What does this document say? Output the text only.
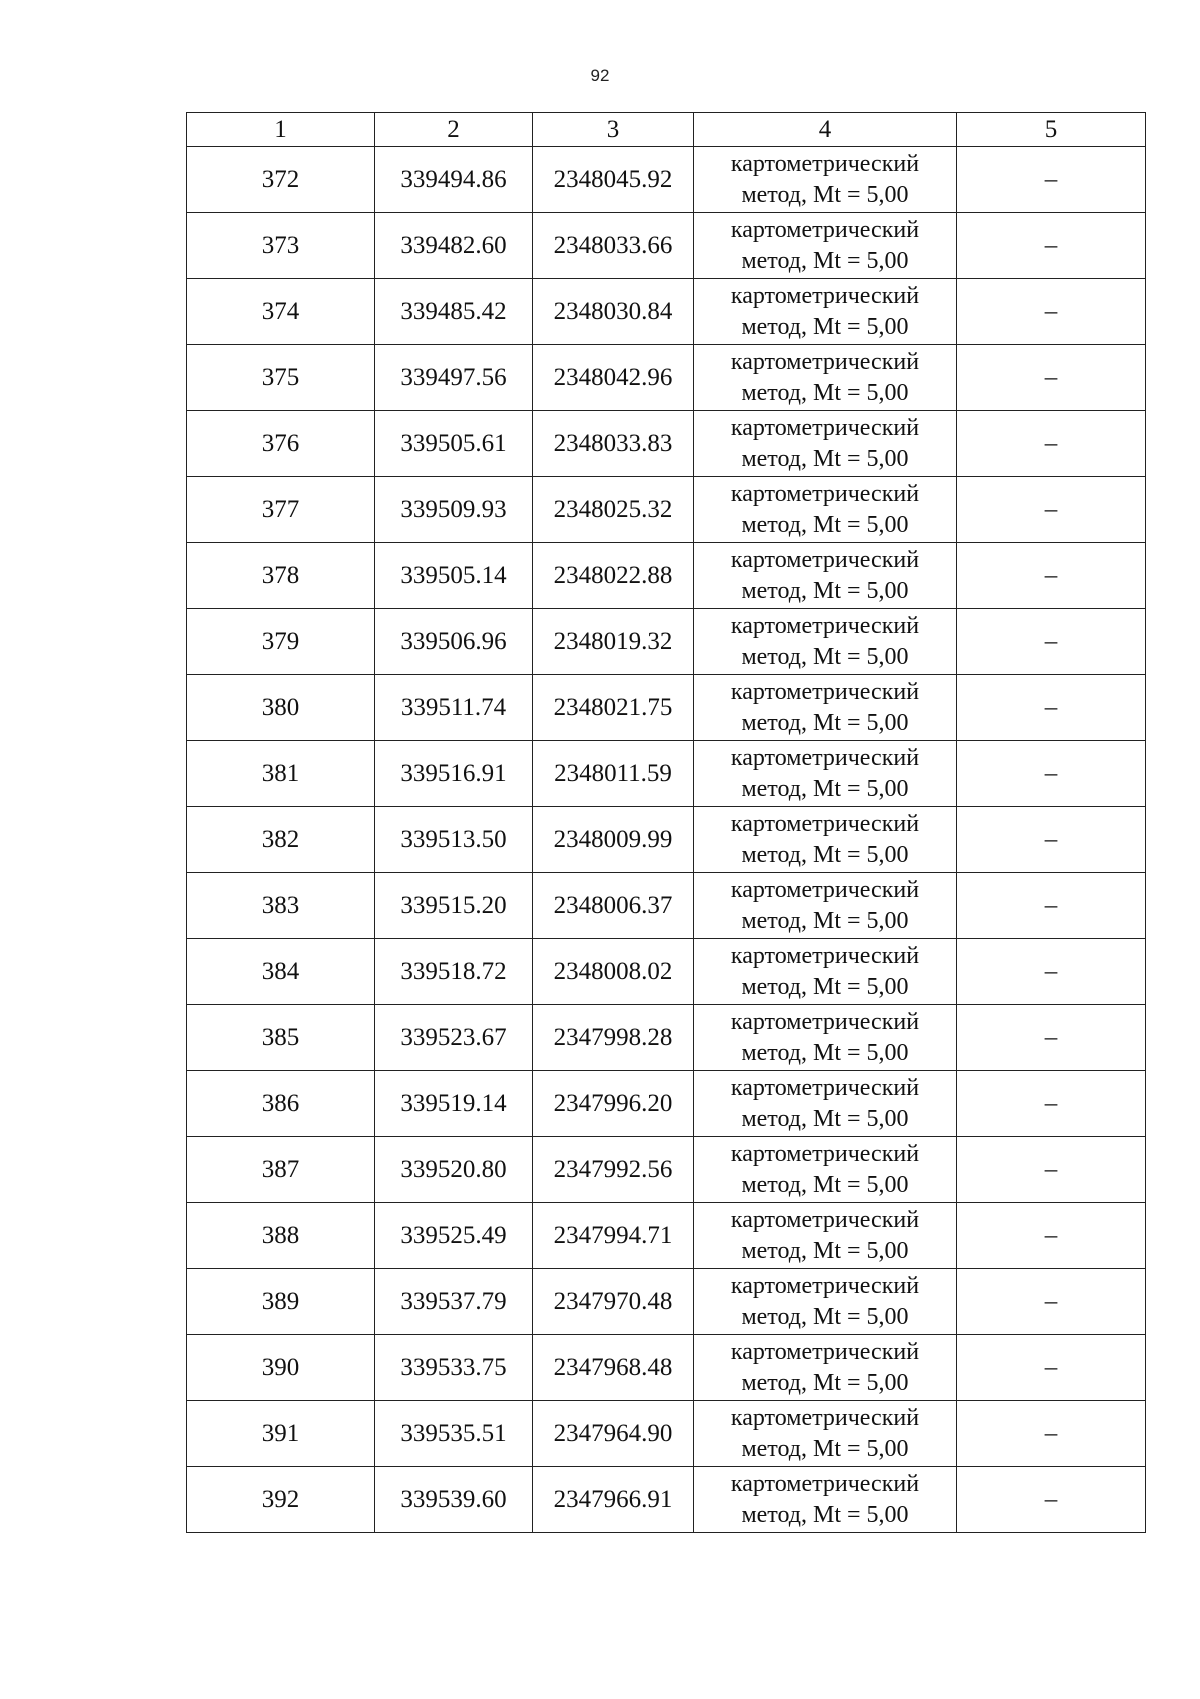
92
1	2	3	4	5
372	339494.86	2348045.92	картометрический
метод, Mt = 5,00	–
373	339482.60	2348033.66	картометрический
метод, Mt = 5,00	–
374	339485.42	2348030.84	картометрический
метод, Mt = 5,00	–
375	339497.56	2348042.96	картометрический
метод, Mt = 5,00	–
376	339505.61	2348033.83	картометрический
метод, Mt = 5,00	–
377	339509.93	2348025.32	картометрический
метод, Mt = 5,00	–
378	339505.14	2348022.88	картометрический
метод, Mt = 5,00	–
379	339506.96	2348019.32	картометрический
метод, Mt = 5,00	–
380	339511.74	2348021.75	картометрический
метод, Mt = 5,00	–
381	339516.91	2348011.59	картометрический
метод, Mt = 5,00	–
382	339513.50	2348009.99	картометрический
метод, Mt = 5,00	–
383	339515.20	2348006.37	картометрический
метод, Mt = 5,00	–
384	339518.72	2348008.02	картометрический
метод, Mt = 5,00	–
385	339523.67	2347998.28	картометрический
метод, Mt = 5,00	–
386	339519.14	2347996.20	картометрический
метод, Mt = 5,00	–
387	339520.80	2347992.56	картометрический
метод, Mt = 5,00	–
388	339525.49	2347994.71	картометрический
метод, Mt = 5,00	–
389	339537.79	2347970.48	картометрический
метод, Mt = 5,00	–
390	339533.75	2347968.48	картометрический
метод, Mt = 5,00	–
391	339535.51	2347964.90	картометрический
метод, Mt = 5,00	–
392	339539.60	2347966.91	картометрический
метод, Mt = 5,00	–
